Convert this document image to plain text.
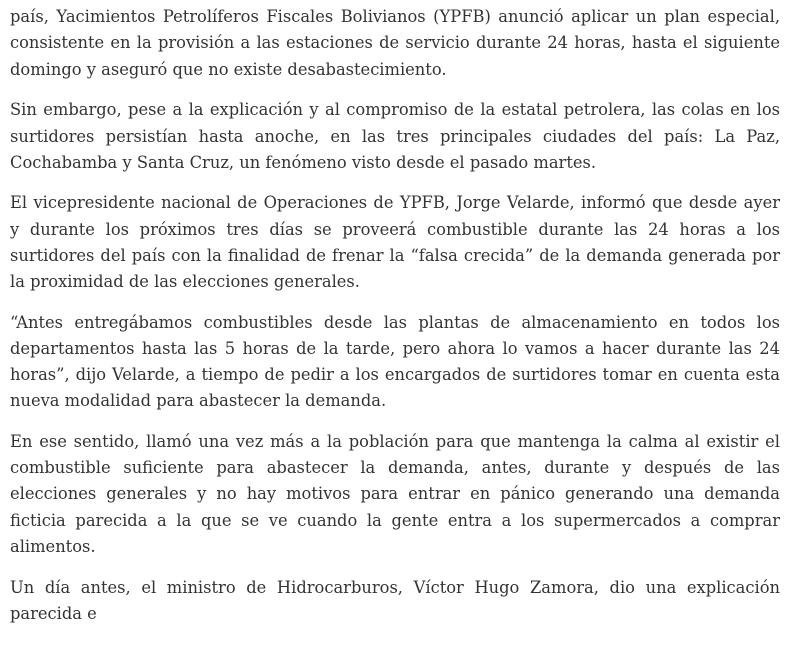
país, Yacimientos Petrolíferos Fiscales Bolivianos (YPFB) anunció aplicar un plan especial, consistente en la provisión a las estaciones de servicio durante 24 horas, hasta el siguiente domingo y aseguró que no existe desabastecimiento.

Sin embargo, pese a la explicación y al compromiso de la estatal petrolera, las colas en los surtidores persistían hasta anoche, en las tres principales ciudades del país: La Paz, Cochabamba y Santa Cruz, un fenómeno visto desde el pasado martes.

El vicepresidente nacional de Operaciones de YPFB, Jorge Velarde, informó que desde ayer y durante los próximos tres días se proveerá combustible durante las 24 horas a los surtidores del país con la finalidad de frenar la “falsa crecida” de la demanda generada por la proximidad de las elecciones generales.

“Antes entregábamos combustibles desde las plantas de almacenamiento en todos los departamentos hasta las 5 horas de la tarde, pero ahora lo vamos a hacer durante las 24 horas”, dijo Velarde, a tiempo de pedir a los encargados de surtidores tomar en cuenta esta nueva modalidad para abastecer la demanda.

En ese sentido, llamó una vez más a la población para que mantenga la calma al existir el combustible suficiente para abastecer la demanda, antes, durante y después de las elecciones generales y no hay motivos para entrar en pánico generando una demanda ficticia parecida a la que se ve cuando la gente entra a los supermercados a comprar alimentos.

Un día antes, el ministro de Hidrocarburos, Víctor Hugo Zamora, dio una explicación parecida e
